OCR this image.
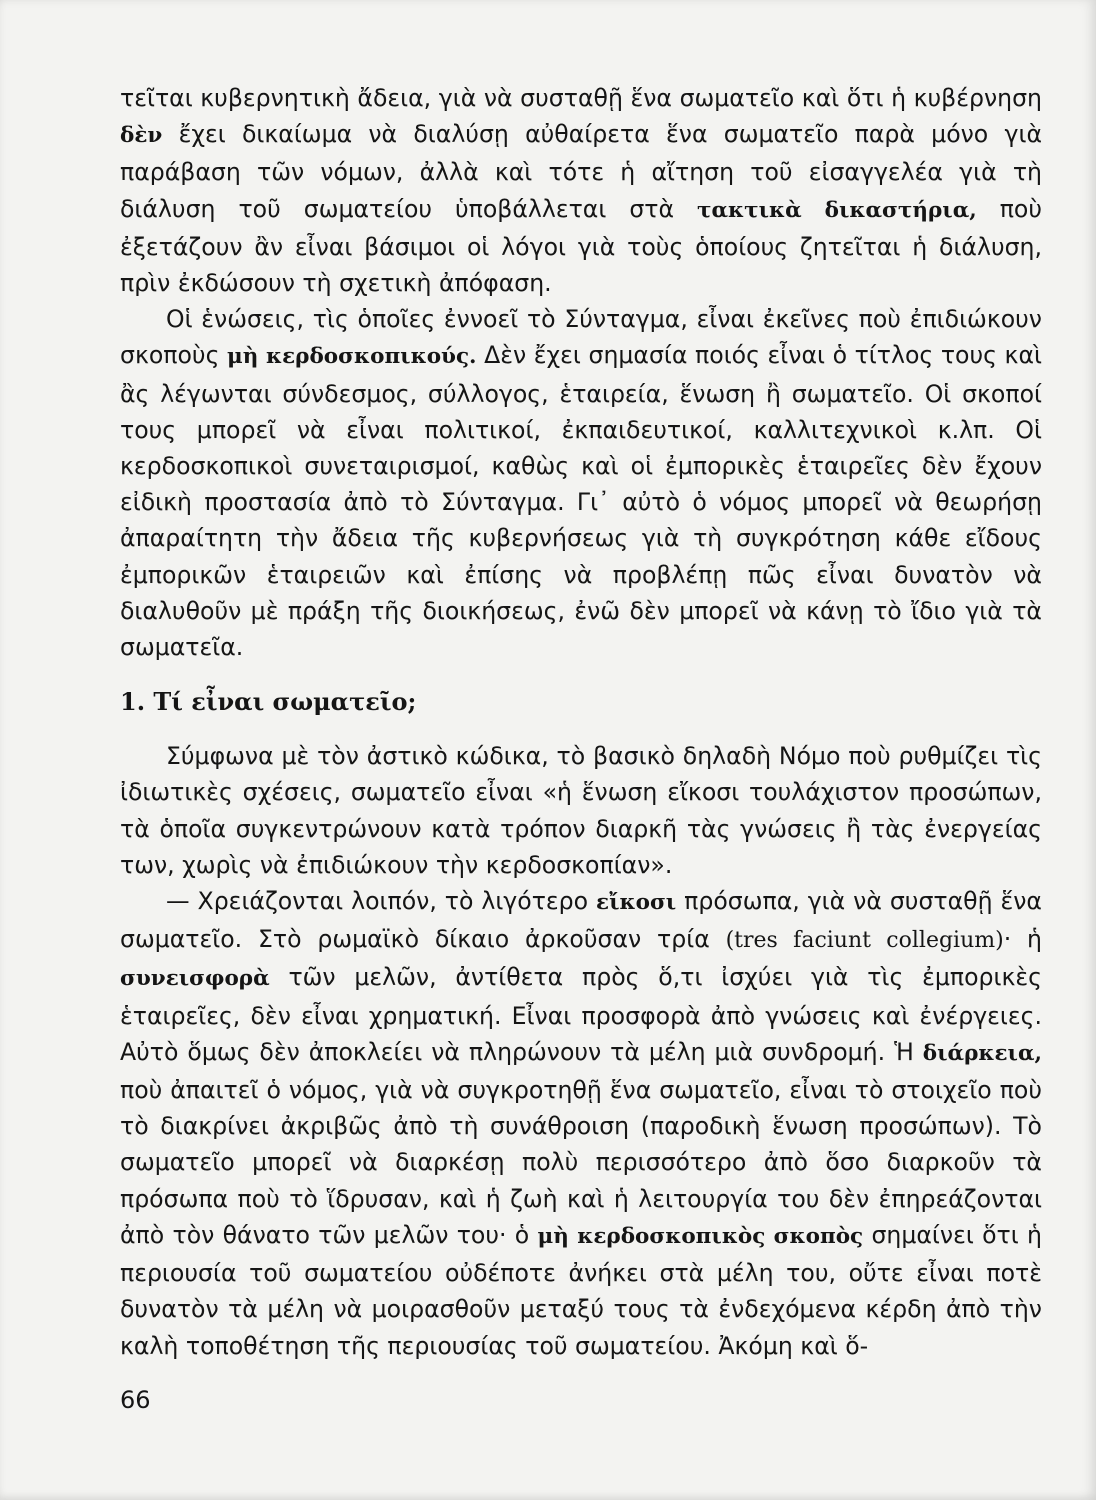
τεῖται κυβερνητικὴ ἄδεια, γιὰ νὰ συσταθῇ ἕνα σωματεῖο καὶ ὅτι ἡ κυβέρνηση δὲν ἔχει δικαίωμα νὰ διαλύσῃ αὐθαίρετα ἕνα σωματεῖο παρὰ μόνο γιὰ παράβαση τῶν νόμων, ἀλλὰ καὶ τότε ἡ αἴτηση τοῦ εἰσαγγελέα γιὰ τὴ διάλυση τοῦ σωματείου ὑποβάλλεται στὰ τακτικὰ δικαστήρια, ποὺ ἐξετάζουν ἂν εἶναι βάσιμοι οἱ λόγοι γιὰ τοὺς ὁποίους ζητεῖται ἡ διάλυση, πρὶν ἐκδώσουν τὴ σχετικὴ ἀπόφαση.

Οἱ ἑνώσεις, τὶς ὁποῖες ἐννοεῖ τὸ Σύνταγμα, εἶναι ἐκεῖνες ποὺ ἐπιδιώκουν σκοποὺς μὴ κερδοσκοπικούς. Δὲν ἔχει σημασία ποιός εἶναι ὁ τίτλος τους καὶ ἂς λέγωνται σύνδεσμος, σύλλογος, ἑταιρεία, ἕνωση ἢ σωματεῖο. Οἱ σκοποί τους μπορεῖ νὰ εἶναι πολιτικοί, ἐκπαιδευτικοί, καλλιτεχνικοὶ κ.λπ. Οἱ κερδοσκοπικοὶ συνεταιρισμοί, καθὼς καὶ οἱ ἐμπορικὲς ἑταιρεῖες δὲν ἔχουν εἰδικὴ προστασία ἀπὸ τὸ Σύνταγμα. Γι᾽ αὐτὸ ὁ νόμος μπορεῖ νὰ θεωρήσῃ ἀπαραίτητη τὴν ἄδεια τῆς κυβερνήσεως γιὰ τὴ συγκρότηση κάθε εἴδους ἐμπορικῶν ἑταιρειῶν καὶ ἐπίσης νὰ προβλέπῃ πῶς εἶναι δυνατὸν νὰ διαλυθοῦν μὲ πράξη τῆς διοικήσεως, ἐνῶ δὲν μπορεῖ νὰ κάνῃ τὸ ἴδιο γιὰ τὰ σωματεῖα.

1. Τί εἶναι σωματεῖο;

Σύμφωνα μὲ τὸν ἀστικὸ κώδικα, τὸ βασικὸ δηλαδὴ Νόμο ποὺ ρυθμίζει τὶς ἰδιωτικὲς σχέσεις, σωματεῖο εἶναι «ἡ ἕνωση εἴκοσι τουλάχιστον προσώπων, τὰ ὁποῖα συγκεντρώνουν κατὰ τρόπον διαρκῆ τὰς γνώσεις ἢ τὰς ἐνεργείας των, χωρὶς νὰ ἐπιδιώκουν τὴν κερδοσκοπίαν».

— Χρειάζονται λοιπόν, τὸ λιγότερο εἴκοσι πρόσωπα, γιὰ νὰ συσταθῇ ἕνα σωματεῖο. Στὸ ρωμαϊκὸ δίκαιο ἀρκοῦσαν τρία (tres faciunt collegium)· ἡ συνεισφορὰ τῶν μελῶν, ἀντίθετα πρὸς ὅ,τι ἰσχύει γιὰ τὶς ἐμπορικὲς ἑταιρεῖες, δὲν εἶναι χρηματική. Εἶναι προσφορὰ ἀπὸ γνώσεις καὶ ἐνέργειες. Αὐτὸ ὅμως δὲν ἀποκλείει νὰ πληρώνουν τὰ μέλη μιὰ συνδρομή. Ἡ διάρκεια, ποὺ ἀπαιτεῖ ὁ νόμος, γιὰ νὰ συγκροτηθῇ ἕνα σωματεῖο, εἶναι τὸ στοιχεῖο ποὺ τὸ διακρίνει ἀκριβῶς ἀπὸ τὴ συνάθροιση (παροδικὴ ἕνωση προσώπων). Τὸ σωματεῖο μπορεῖ νὰ διαρκέσῃ πολὺ περισσότερο ἀπὸ ὅσο διαρκοῦν τὰ πρόσωπα ποὺ τὸ ἵδρυσαν, καὶ ἡ ζωὴ καὶ ἡ λειτουργία του δὲν ἐπηρεάζονται ἀπὸ τὸν θάνατο τῶν μελῶν του· ὁ μὴ κερδοσκοπικὸς σκοπὸς σημαίνει ὅτι ἡ περιουσία τοῦ σωματείου οὐδέποτε ἀνήκει στὰ μέλη του, οὔτε εἶναι ποτὲ δυνατὸν τὰ μέλη νὰ μοιρασθοῦν μεταξύ τους τὰ ἐνδεχόμενα κέρδη ἀπὸ τὴν καλὴ τοποθέτηση τῆς περιουσίας τοῦ σωματείου. Ἀκόμη καὶ ὅ-

66
